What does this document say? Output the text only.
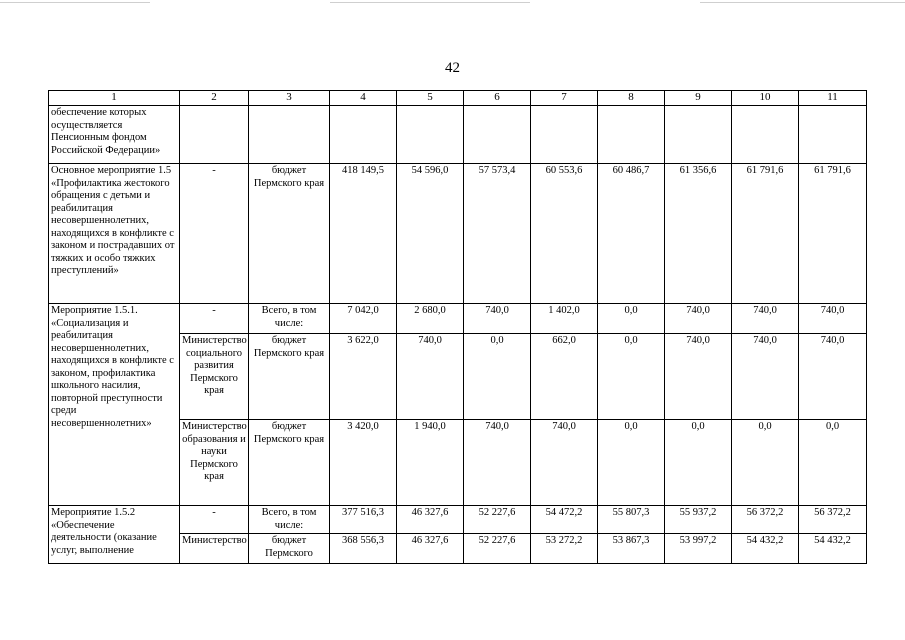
42
1	2	3	4	5	6	7	8	9	10	11
обеспечение которых осуществляется Пенсионным фондом Российской Федерации»										
Основное мероприятие 1.5 «Профилактика жестокого обращения с детьми и реабилитация несовершеннолетних, находящихся в конфликте с законом и пострадавших от тяжких и особо тяжких преступлений»	-	бюджет Пермского края	418 149,5	54 596,0	57 573,4	60 553,6	60 486,7	61 356,6	61 791,6	61 791,6
Мероприятие 1.5.1. «Социализация и реабилитация несовершеннолетних, находящихся в конфликте с законом, профилактика школьного насилия, повторной преступности среди несовершеннолетних»	-	Всего, в том числе:	7 042,0	2 680,0	740,0	1 402,0	0,0	740,0	740,0	740,0
	Министерство социального развития Пермского края	бюджет Пермского края	3 622,0	740,0	0,0	662,0	0,0	740,0	740,0	740,0
	Министерство образования и науки Пермского края	бюджет Пермского края	3 420,0	1 940,0	740,0	740,0	0,0	0,0	0,0	0,0
Мероприятие 1.5.2 «Обеспечение деятельности (оказание услуг, выполнение	-	Всего, в том числе:	377 516,3	46 327,6	52 227,6	54 472,2	55 807,3	55 937,2	56 372,2	56 372,2
	Министерство	бюджет Пермского	368 556,3	46 327,6	52 227,6	53 272,2	53 867,3	53 997,2	54 432,2	54 432,2
